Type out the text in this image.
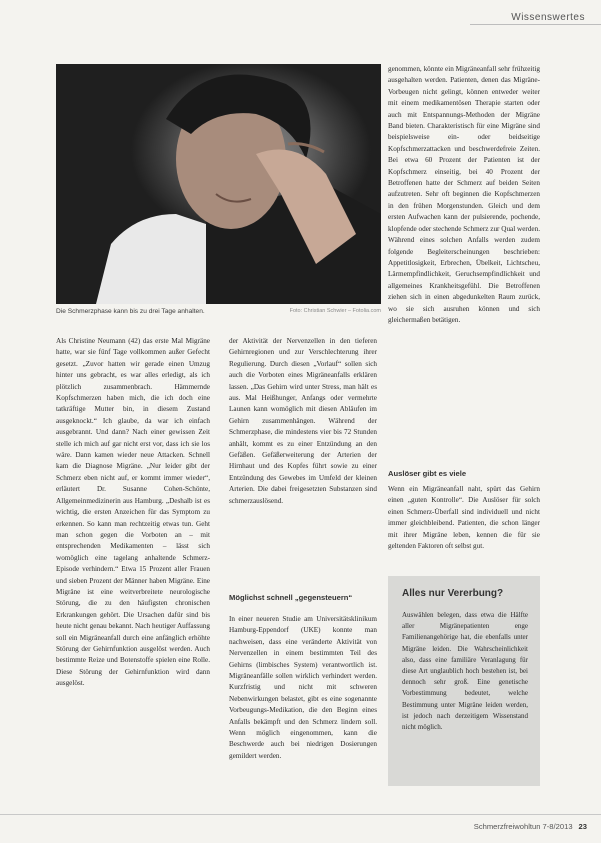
Wissenswertes
Die Schmerzphase kann bis zu drei Tage anhalten.	Foto: Christian Schwier – Fotolia.com

Als Christine Neumann (42) das erste Mal Migräne hatte, war sie fünf Tage vollkommen außer Gefecht gesetzt. „Zuvor hatten wir gerade einen Umzug hinter uns gebracht, es war alles erledigt, als ich plötzlich zusammenbrach. Hämmernde Kopfschmerzen haben mich, die ich doch eine tatkräftige Mutter bin, in diesem Zustand ausgeknockt.“ Ich glaube, da war ich einfach ausgebrannt. Und dann? Nach einer gewissen Zeit stelle ich mich auf gar nicht erst vor, dass ich sie los wäre. Dann kamen wieder neue Attacken. Schnell kam die Diagnose Migräne. „Nur leider gibt der Schmerz eben nicht auf, er kommt immer wieder“, erläutert Dr. Susanne Cohen-Schönte, Allgemeinmedizinerin aus Hamburg. „Deshalb ist es wichtig, die ersten Anzeichen für das Symptom zu erkennen. So kann man rechtzeitig etwas tun. Geht man schon gegen die Vorboten an – mit entsprechenden Medikamenten – lässt sich womöglich eine tagelang anhaltende Schmerz-Episode verhindern.“ Etwa 15 Prozent aller Frauen und sieben Prozent der Männer haben Migräne. Eine Migräne ist eine weitverbreitete neurologische Störung, die zu den häufigsten chronischen Erkrankungen gehört. Die Ursachen dafür sind bis heute nicht genau bekannt. Nach heutiger Auffassung soll ein Migräneanfall durch eine anfänglich erhöhte Störung der Gehirnfunktion ausgelöst werden. Auch bestimmte Reize und Botenstoffe spielen eine Rolle. Diese Störung der Gehirnfunktion wird dann ausgelöst.

der Aktivität der Nervenzellen in den tieferen Gehirnregionen und zur Verschlechterung ihrer Regulierung. Durch diesen „Vorlauf“ sollen sich auch die Vorboten eines Migräneanfalls erklären lassen. „Das Gehirn wird unter Stress, man hält es aus. Mal Heißhunger, Anfangs oder vermehrte Launen kann womöglich mit diesen Abläufen im Gehirn zusammenhängen. Während der Schmerzphase, die mindestens vier bis 72 Stunden anhält, kommt es zu einer Entzündung an den Gefäßen. Gefäßerweiterung der Arterien der Hirnhaut und des Kopfes führt sowie zu einer Entzündung des Gewebes im Umfeld der kleinen Arterien. Die dabei freigesetzten Substanzen sind schmerzauslösend.

Möglichst schnell „gegensteuern“

In einer neueren Studie am Universitätsklinikum Hamburg-Eppendorf (UKE) konnte man nachweisen, dass eine veränderte Aktivität von Nervenzellen in einem bestimmten Teil des Gehirns (limbisches System) verantwortlich ist. Migräneanfälle sollen wirklich verhindert werden. Kurzfristig und nicht mit schweren Nebenwirkungen belastet, gibt es eine sogenannte Vorbeugungs-Medikation, die den Beginn eines Anfalls bekämpft und den Schmerz lindern soll. Wenn möglich eingenommen, kann die Beschwerde auch bei niedrigen Dosierungen gemildert werden.

genommen, könnte ein Migräneanfall sehr frühzeitig ausgehalten werden. Patienten, denen das Migräne-Vorbeugen nicht gelingt, können entweder weiter mit einem medikamentösen Therapie starten oder auch mit Entspannungs-Methoden der Migräne Band bieten. Charakteristisch für eine Migräne sind beispielsweise ein- oder beidseitige Kopfschmerzattacken und beschwerdefreie Zeiten. Bei etwa 60 Prozent der Patienten ist der Kopfschmerz einseitig, bei 40 Prozent der Betroffenen hatte der Schmerz auf beiden Seiten aufzutreten. Sehr oft beginnen die Kopfschmerzen in den frühen Morgenstunden. Gleich und dem ersten Aufwachen kann der pulsierende, pochende, klopfende oder stechende Schmerz zur Qual werden. Während eines solchen Anfalls werden zudem folgende Begleiterscheinungen beschrieben: Appetitlosigkeit, Erbrechen, Übelkeit, Lichtscheu, Lärmempfindlichkeit, Geruchsempfindlichkeit und allgemeines Krankheitsgefühl. Die Betroffenen ziehen sich in einen abgedunkelten Raum zurück, wo sie sich ausruhen können und sich gleichermaßen betätigen.

Auslöser gibt es viele

Wenn ein Migräneanfall naht, spürt das Gehirn einen „guten Kontrolle“. Die Auslöser für solch einen Schmerz-Überfall sind individuell und nicht immer gleichbleibend. Patienten, die schon länger mit ihrer Migräne leben, kennen die für sie geltenden Faktoren oft selbst gut.

Alles nur Vererbung?
Auswählen belegen, dass etwa die Hälfte aller Migränepatienten enge Familienangehörige hat, die ebenfalls unter Migräne leiden. Die Wahrscheinlichkeit also, dass eine familiäre Veranlagung für diese Art unglaublich hoch bestehen ist, bei dennoch sehr groß. Eine genetische Vorbestimmung bedeutet, welche Bestimmung unter Migräne leiden werden, ist jedoch nach derzeitigem Wissenstand nicht möglich.
Schmerzfreiwohltun 7-8/2013 23
